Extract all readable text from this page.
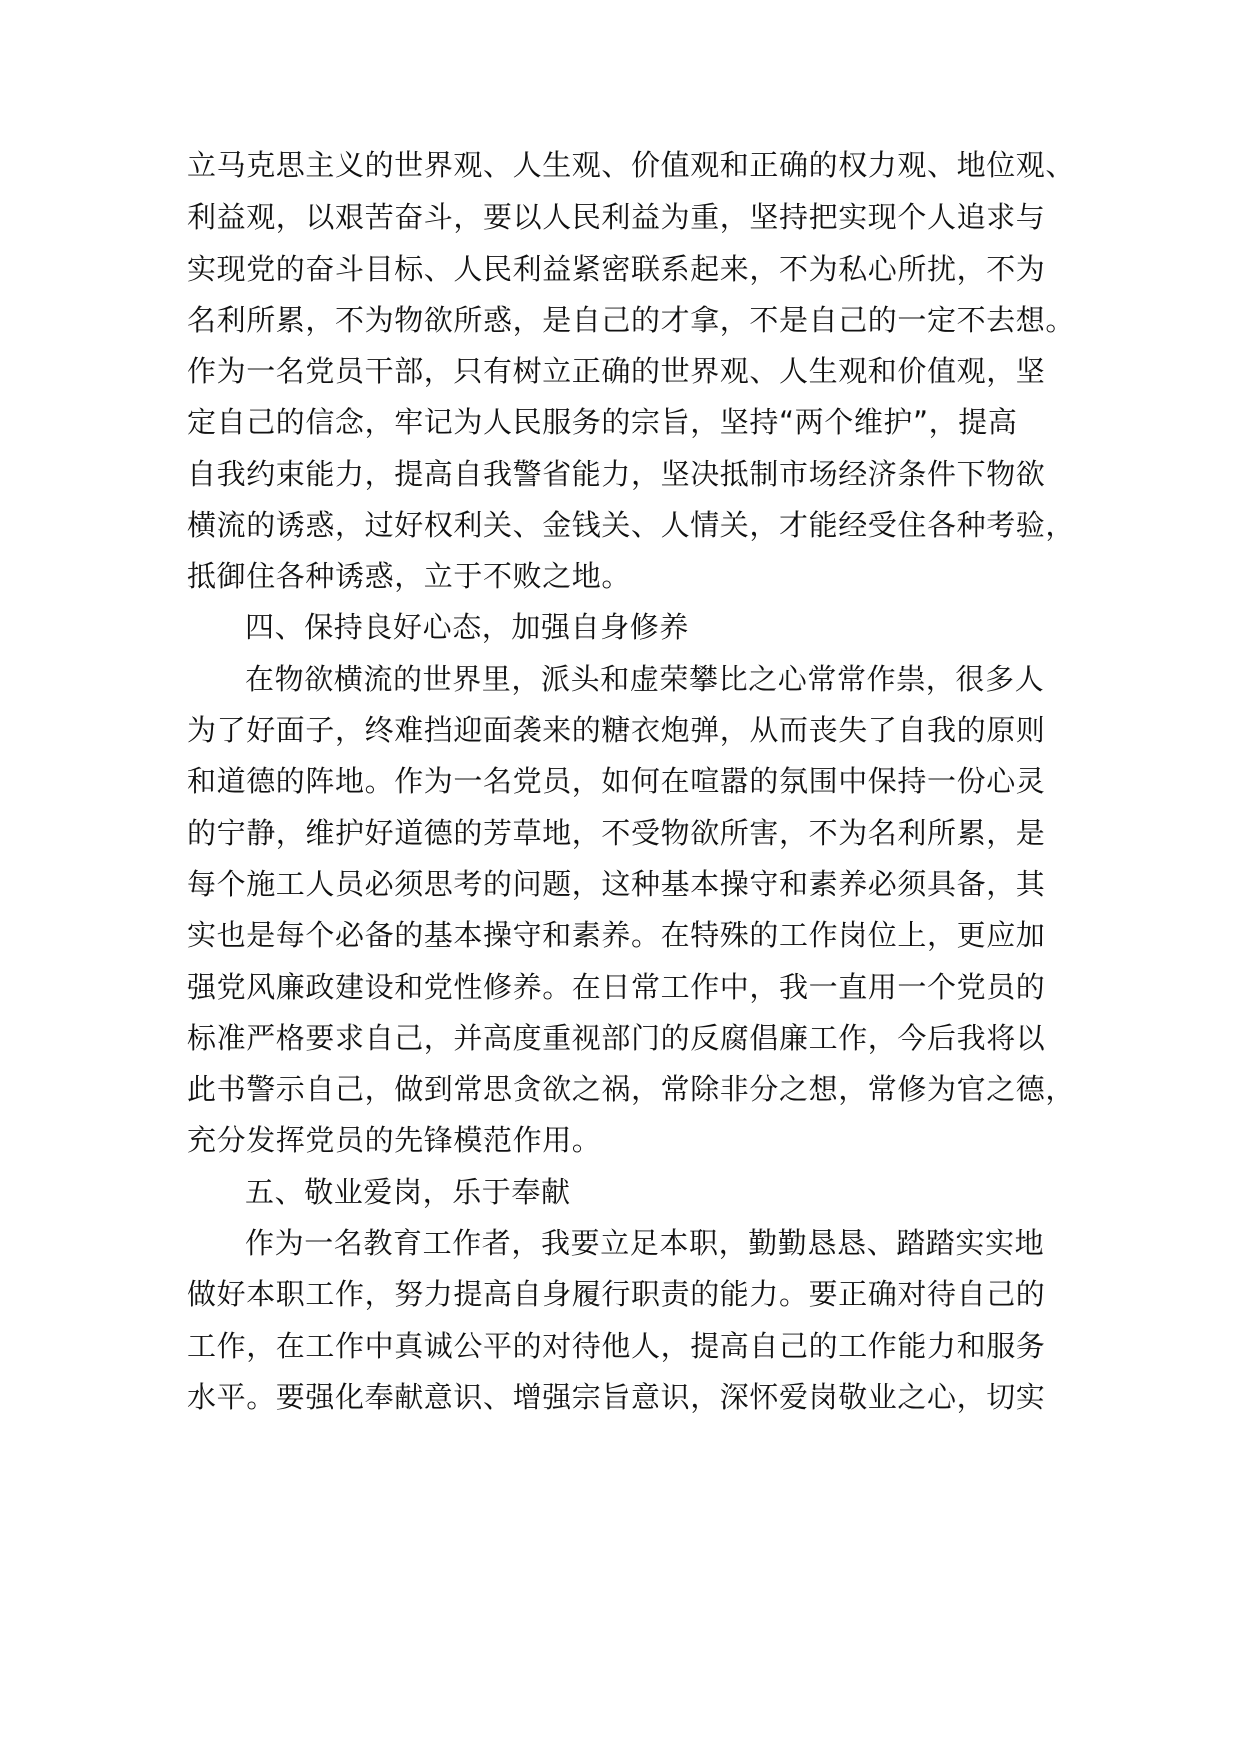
立马克思主义的世界观、人生观、价值观和正确的权力观、地位观、
利益观，以艰苦奋斗，要以人民利益为重，坚持把实现个人追求与
实现党的奋斗目标、人民利益紧密联系起来，不为私心所扰，不为
名利所累，不为物欲所惑，是自己的才拿，不是自己的一定不去想。
作为一名党员干部，只有树立正确的世界观、人生观和价值观，坚
定自己的信念，牢记为人民服务的宗旨，坚持“两个维护”，提高
自我约束能力，提高自我警省能力，坚决抵制市场经济条件下物欲
横流的诱惑，过好权利关、金钱关、人情关，才能经受住各种考验，
抵御住各种诱惑，立于不败之地。
四、保持良好心态，加强自身修养
在物欲横流的世界里，派头和虚荣攀比之心常常作祟，很多人
为了好面子，终难挡迎面袭来的糖衣炮弹，从而丧失了自我的原则
和道德的阵地。作为一名党员，如何在喧嚣的氛围中保持一份心灵
的宁静，维护好道德的芳草地，不受物欲所害，不为名利所累，是
每个施工人员必须思考的问题，这种基本操守和素养必须具备，其
实也是每个必备的基本操守和素养。在特殊的工作岗位上，更应加
强党风廉政建设和党性修养。在日常工作中，我一直用一个党员的
标准严格要求自己，并高度重视部门的反腐倡廉工作，今后我将以
此书警示自己，做到常思贪欲之祸，常除非分之想，常修为官之德，
充分发挥党员的先锋模范作用。
五、敬业爱岗，乐于奉献
作为一名教育工作者，我要立足本职，勤勤恳恳、踏踏实实地
做好本职工作，努力提高自身履行职责的能力。要正确对待自己的
工作，在工作中真诚公平的对待他人，提高自己的工作能力和服务
水平。要强化奉献意识、增强宗旨意识，深怀爱岗敬业之心，切实
